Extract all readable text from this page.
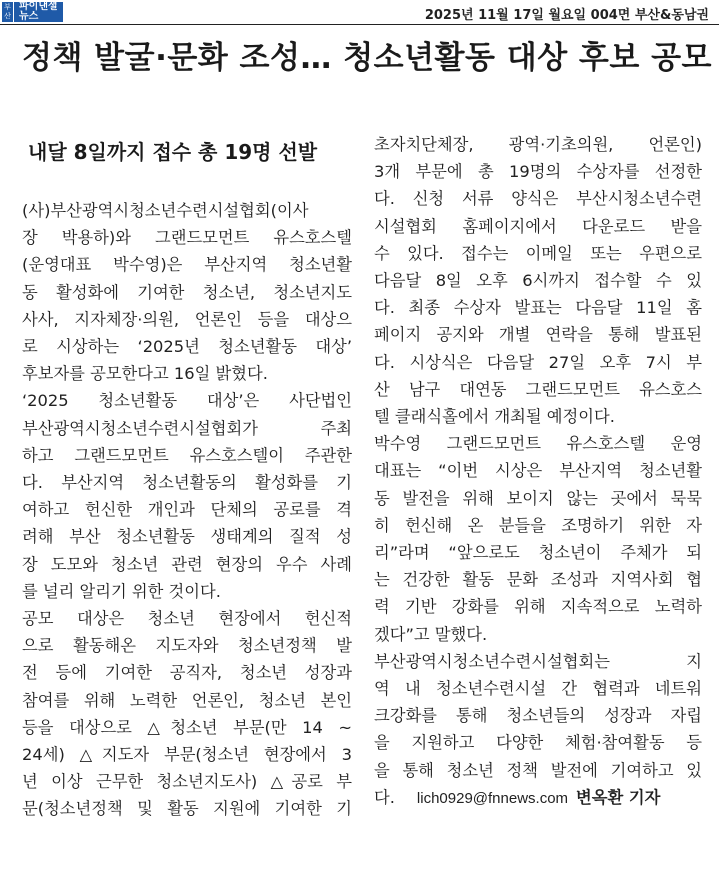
부
산
파이낸셜
뉴스	2025년 11월 17일 월요일 004면 부산&동남권
정책 발굴·문화 조성… 청소년활동 대상 후보 공모
내달 8일까지 접수 총 19명 선발
(사)부산광역시청소년수련시설협회(이사
장 박용하)와 그랜드모먼트 유스호스텔
(운영대표 박수영)은 부산지역 청소년활
동 활성화에 기여한 청소년, 청소년지도
사사, 지자체장·의원, 언론인 등을 대상으
로 시상하는 ‘2025년 청소년활동 대상’
후보자를 공모한다고 16일 밝혔다.
‘2025 청소년활동 대상’은 사단법인
부산광역시청소년수련시설협회가 주최
하고 그랜드모먼트 유스호스텔이 주관한
다. 부산지역 청소년활동의 활성화를 기
여하고 헌신한 개인과 단체의 공로를 격
려해 부산 청소년활동 생태계의 질적 성
장 도모와 청소년 관련 현장의 우수 사례
를 널리 알리기 위한 것이다.
공모 대상은 청소년 현장에서 헌신적
으로 활동해온 지도자와 청소년정책 발
전 등에 기여한 공직자, 청소년 성장과
참여를 위해 노력한 언론인, 청소년 본인
등을 대상으로 △청소년 부문(만 14 ~
24세) △지도자 부문(청소년 현장에서 3
년 이상 근무한 청소년지도사) △공로 부
문(청소년정책 및 활동 지원에 기여한 기
초자치단체장, 광역·기초의원, 언론인)
3개 부문에 총 19명의 수상자를 선정한
다. 신청 서류 양식은 부산시청소년수련
시설협회 홈페이지에서 다운로드 받을
수 있다. 접수는 이메일 또는 우편으로
다음달 8일 오후 6시까지 접수할 수 있
다. 최종 수상자 발표는 다음달 11일 홈
페이지 공지와 개별 연락을 통해 발표된
다. 시상식은 다음달 27일 오후 7시 부
산 남구 대연동 그랜드모먼트 유스호스
텔 클래식홀에서 개최될 예정이다.
박수영 그랜드모먼트 유스호스텔 운영
대표는 “이번 시상은 부산지역 청소년활
동 발전을 위해 보이지 않는 곳에서 묵묵
히 헌신해 온 분들을 조명하기 위한 자
리”라며 “앞으로도 청소년이 주체가 되
는 건강한 활동 문화 조성과 지역사회 협
력 기반 강화를 위해 지속적으로 노력하
겠다”고 말했다.
부산광역시청소년수련시설협회는 지
역 내 청소년수련시설 간 협력과 네트워
크강화를 통해 청소년들의 성장과 자립
을 지원하고 다양한 체험·참여활동 등
을 통해 청소년 정책 발전에 기여하고 있
다. lich0929@fnnews.com 변옥환 기자
